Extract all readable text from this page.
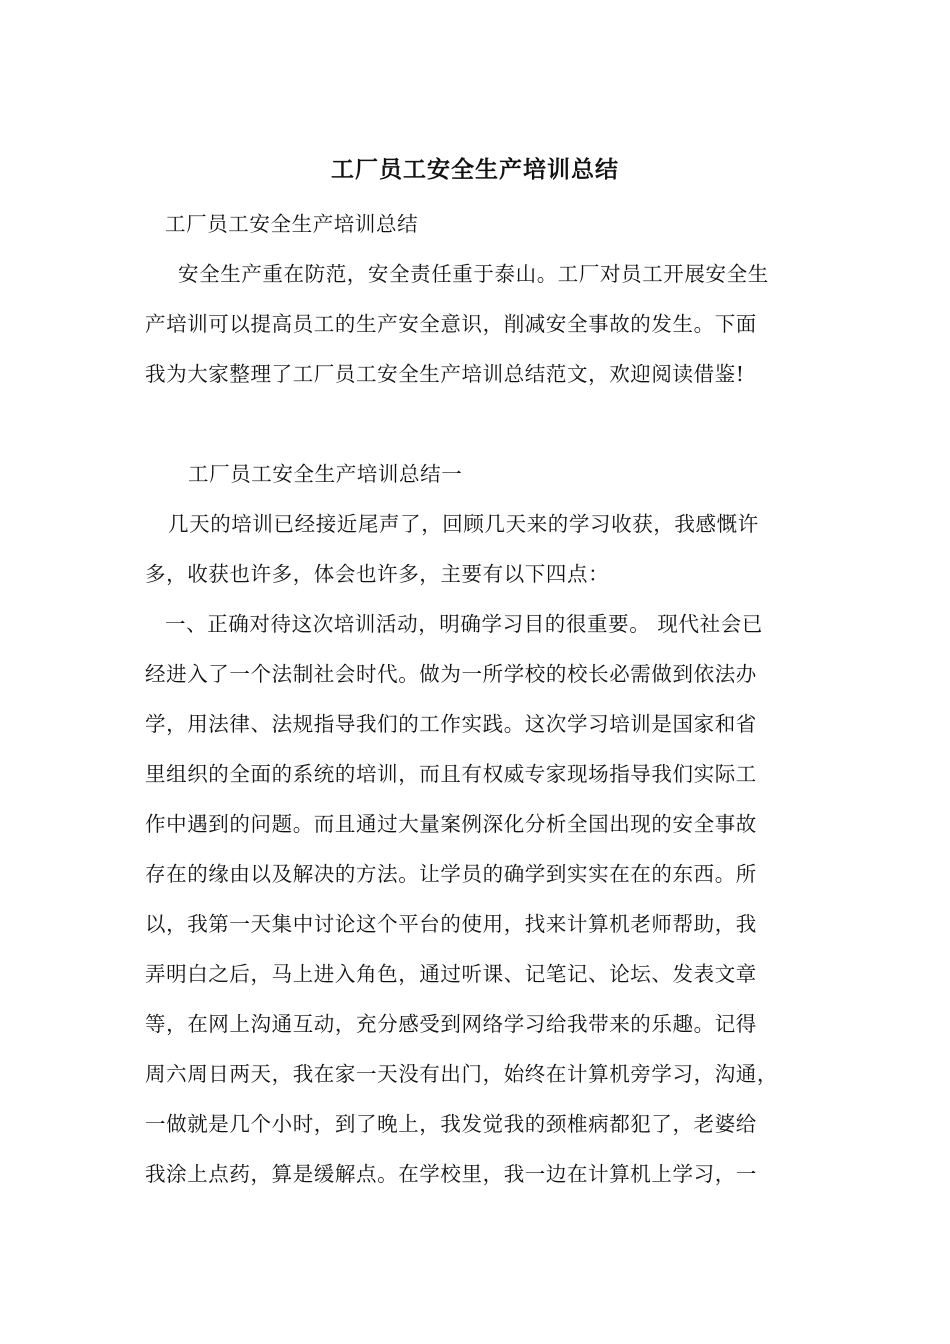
工厂员工安全生产培训总结
工厂员工安全生产培训总结
安全生产重在防范，安全责任重于泰山。工厂对员工开展安全生
产培训可以提高员工的生产安全意识，削减安全事故的发生。下面
我为大家整理了工厂员工安全生产培训总结范文，欢迎阅读借鉴!
工厂员工安全生产培训总结一
几天的培训已经接近尾声了，回顾几天来的学习收获，我感慨许
多，收获也许多，体会也许多，主要有以下四点：
一、正确对待这次培训活动，明确学习目的很重要。 现代社会已
经进入了一个法制社会时代。做为一所学校的校长必需做到依法办
学，用法律、法规指导我们的工作实践。这次学习培训是国家和省
里组织的全面的系统的培训，而且有权威专家现场指导我们实际工
作中遇到的问题。而且通过大量案例深化分析全国出现的安全事故
存在的缘由以及解决的方法。让学员的确学到实实在在的东西。所
以，我第一天集中讨论这个平台的使用，找来计算机老师帮助，我
弄明白之后，马上进入角色，通过听课、记笔记、论坛、发表文章
等，在网上沟通互动，充分感受到网络学习给我带来的乐趣。记得
周六周日两天，我在家一天没有出门，始终在计算机旁学习，沟通，
一做就是几个小时，到了晚上，我发觉我的颈椎病都犯了，老婆给
我涂上点药，算是缓解点。在学校里，我一边在计算机上学习，一
